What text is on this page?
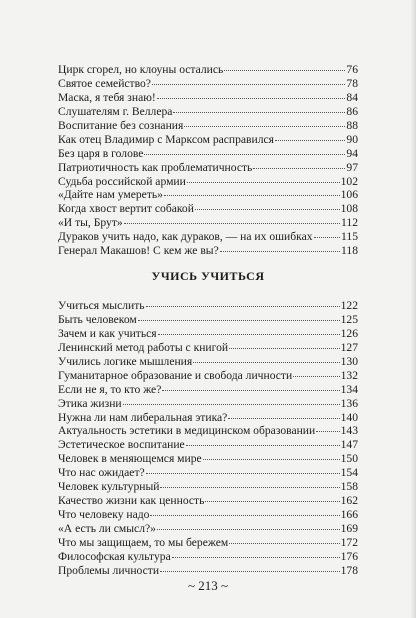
Цирк сгорел, но клоуны остались	76
Святое семейство?	78
Маска, я тебя знаю!	84
Слушателям г. Веллера	86
Воспитание без сознания	88
Как отец Владимир с Марксом расправился	90
Без царя в голове	94
Патриотичность как проблематичность	97
Судьба российской армии	102
«Дайте нам умереть»	106
Когда хвост вертит собакой	108
«И ты, Брут»	112
Дураков учить надо, как дураков, — на их ошибках 115
Генерал Макашов! С кем же вы?	118
УЧИСЬ УЧИТЬСЯ
Учиться мыслить	122
Быть человеком	125
Зачем и как учиться	126
Ленинский метод работы с книгой	127
Учились логике мышления	130
Гуманитарное образование и свобода личности	132
Если не я, то кто же?	134
Этика жизни	136
Нужна ли нам либеральная этика?	140
Актуальность эстетики в медицинском образовании 143
Эстетическое воспитание	147
Человек в меняющемся мире	150
Что нас ожидает?	154
Человек культурный	158
Качество жизни как ценность	162
Что человеку надо	166
«А есть ли смысл?»	169
Что мы защищаем, то мы бережем	172
Философская культура	176
Проблемы личности	178
~ 213 ~
